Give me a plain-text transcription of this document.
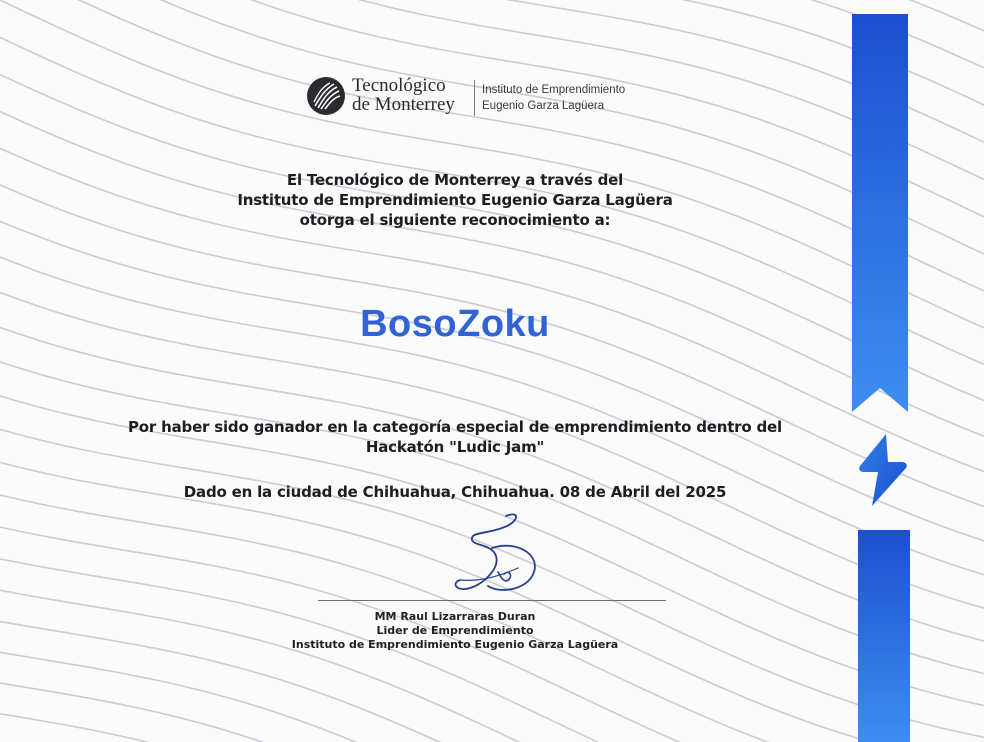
Tecnológico
de Monterrey
Instituto de Emprendimiento
Eugenio Garza Lagüera
El Tecnológico de Monterrey a través del
Instituto de Emprendimiento Eugenio Garza Lagüera
otorga el siguiente reconocimiento a:
BosoZoku
Por haber sido ganador en la categoría especial de emprendimiento dentro del
Hackatón "Ludic Jam"
Dado en la ciudad de Chihuahua, Chihuahua. 08 de Abril del 2025
MM Raul Lizarraras Duran
Lider de Emprendimiento
Instituto de Emprendimiento Eugenio Garza Lagüera
